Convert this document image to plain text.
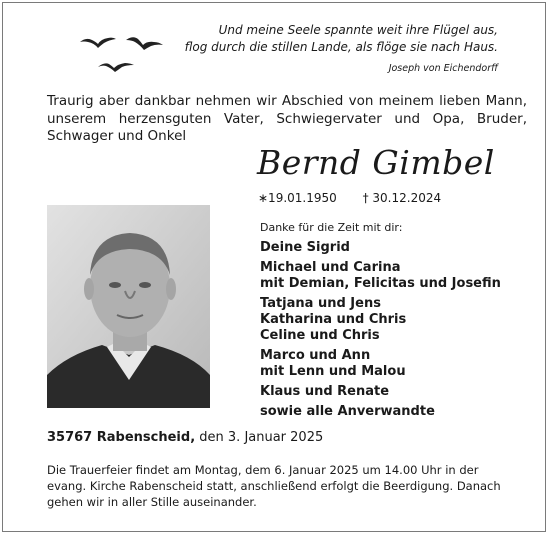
Und meine Seele spannte weit ihre Flügel aus,
flog durch die stillen Lande, als flöge sie nach Haus.
Joseph von Eichendorff
Traurig aber dankbar nehmen wir Abschied von meinem lieben Mann, unserem herzensguten Vater, Schwiegervater und Opa, Bruder, Schwager und Onkel
Bernd Gimbel
∗19.01.1950 † 30.12.2024
Danke für die Zeit mit dir:
Deine Sigrid
Michael und Carina
mit Demian, Felicitas und Josefin
Tatjana und Jens
Katharina und Chris
Celine und Chris
Marco und Ann
mit Lenn und Malou
Klaus und Renate
sowie alle Anverwandte
35767 Rabenscheid, den 3. Januar 2025
Die Trauerfeier findet am Montag, dem 6. Januar 2025 um 14.00 Uhr in der evang. Kirche Rabenscheid statt, anschließend erfolgt die Beerdigung. Danach gehen wir in aller Stille auseinander.
